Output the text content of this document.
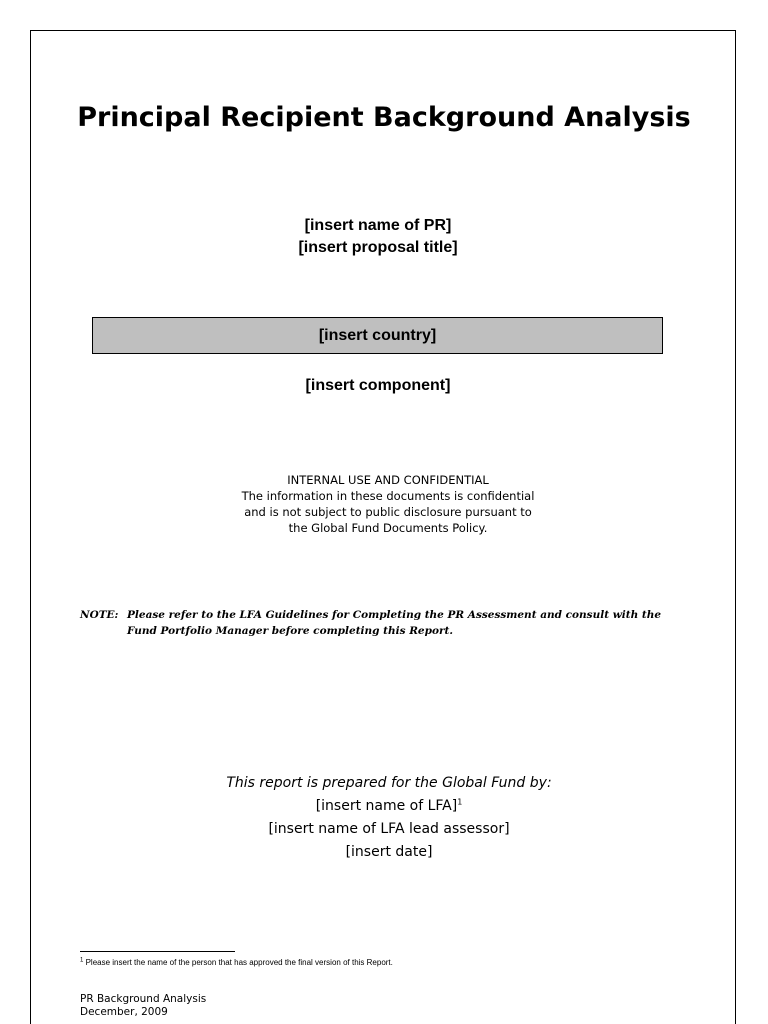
Principal Recipient Background Analysis
[insert name of PR]
[insert proposal title]
[insert country]
[insert component]
INTERNAL USE AND CONFIDENTIAL
The information in these documents is confidential
and is not subject to public disclosure pursuant to
the Global Fund Documents Policy.
NOTE: Please refer to the LFA Guidelines for Completing the PR Assessment and consult with the
Fund Portfolio Manager before completing this Report.
This report is prepared for the Global Fund by:
[insert name of LFA]$^1$
[insert name of LFA lead assessor]
[insert date]
$^1$ Please insert the name of the person that has approved the final version of this Report.
PR Background Analysis
December, 2009
